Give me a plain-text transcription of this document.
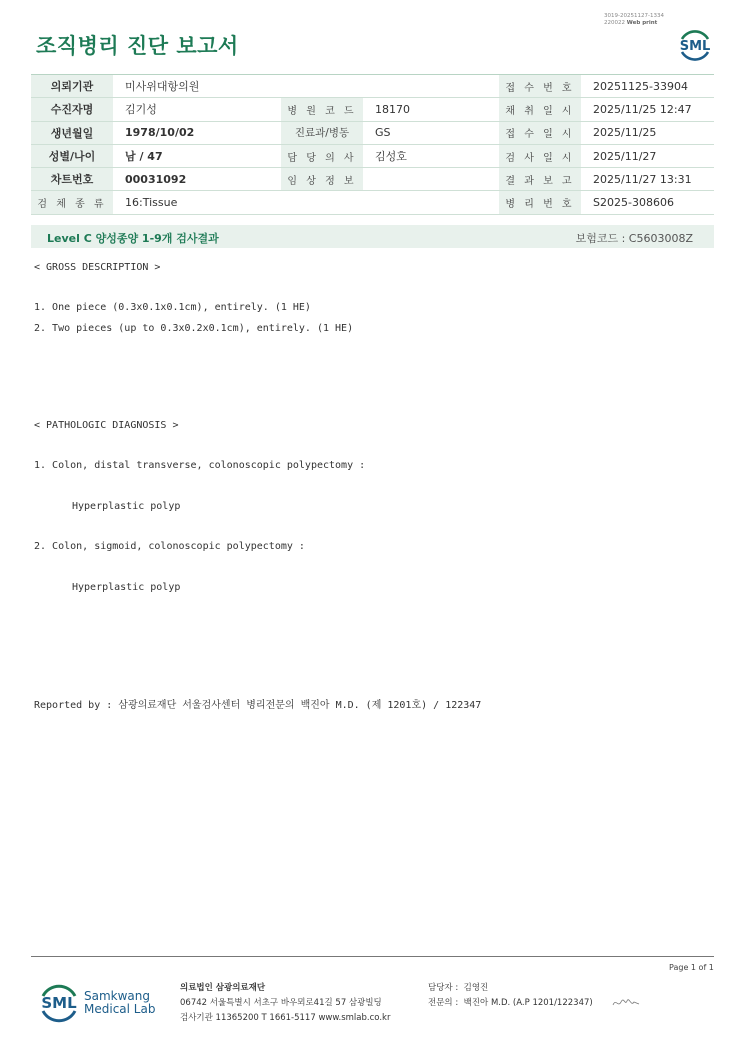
3019-20251127-1334
220022 Web print
조직병리 진단 보고서	SML
의뢰기관	미사위대항의원			접 수 번 호	20251125-33904
수진자명	김기성	병 원 코 드	18170	채 취 일 시	2025/11/25 12:47
생년월일	1978/10/02	진료과/병동	GS	접 수 일 시	2025/11/25
성별/나이	남 / 47	담 당 의 사	김성호	검 사 일 시	2025/11/27
차트번호	00031092	임 상 정 보		결 과 보 고	2025/11/27 13:31
검 체 종 류	16:Tissue			병 리 번 호	S2025-308606
Level C 양성종양 1-9개 검사결과	보험코드 : C5603008Z
< GROSS DESCRIPTION >
1. One piece (0.3x0.1x0.1cm), entirely. (1 HE)
2. Two pieces (up to 0.3x0.2x0.1cm), entirely. (1 HE)
< PATHOLOGIC DIAGNOSIS >
1. Colon, distal transverse, colonoscopic polypectomy :
Hyperplastic polyp
2. Colon, sigmoid, colonoscopic polypectomy :
Hyperplastic polyp
Reported by : 삼광의료재단 서울검사센터 병리전문의 백진아 M.D. (제 1201호) / 122347
Page 1 of 1
SML Samkwang
Medical Lab
의료법인 삼광의료재단
06742 서울특별시 서초구 바우뫼로41길 57 삼광빌딩
검사기관 11365200 T 1661-5117 www.smlab.co.kr
담당자 : 김영진
전문의 : 백진아 M.D. (A.P 1201/122347)
